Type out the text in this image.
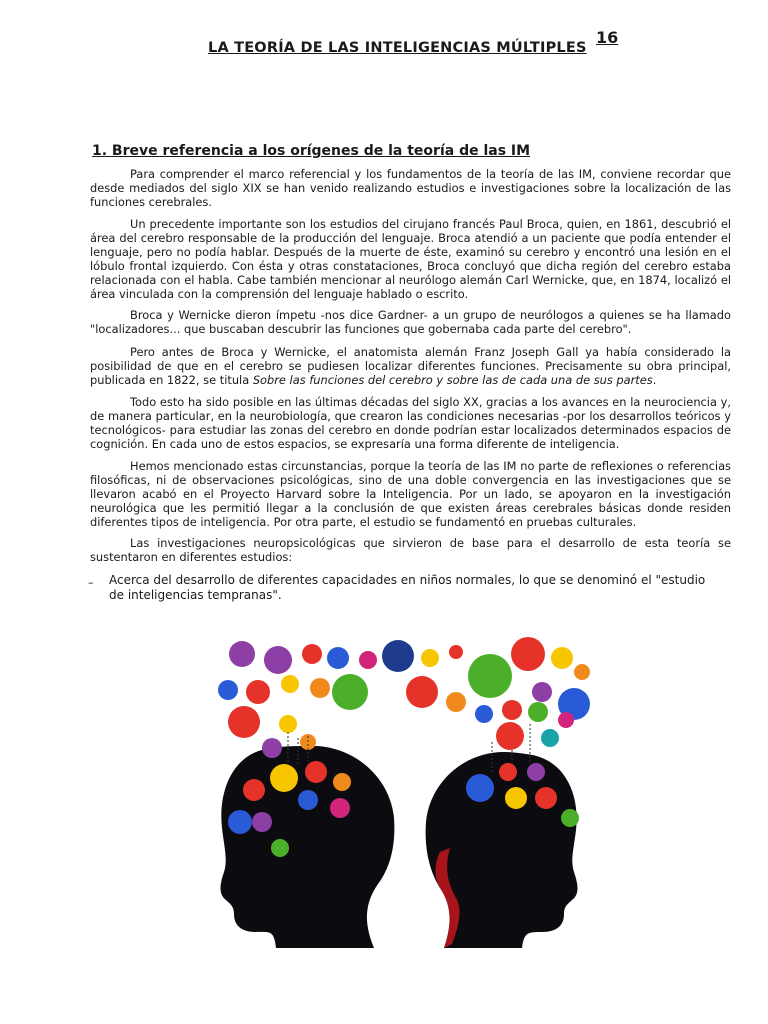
LA TEORÍA DE LAS INTELIGENCIAS MÚLTIPLES
16
1. Breve referencia a los orígenes de la teoría de las IM
Para comprender el marco referencial y los fundamentos de la teoría de las IM, conviene recordar que desde mediados del siglo XIX se han venido realizando estudios e investigaciones sobre la localización de las funciones cerebrales.
Un precedente importante son los estudios del cirujano francés Paul Broca, quien, en 1861, descubrió el área del cerebro responsable de la producción del lenguaje. Broca atendió a un paciente que podía entender el lenguaje, pero no podía hablar. Después de la muerte de éste, examinó su cerebro y encontró una lesión en el lóbulo frontal izquierdo. Con ésta y otras constataciones, Broca concluyó que dicha región del cerebro estaba relacionada con el habla. Cabe también mencionar al neurólogo alemán Carl Wernicke, que, en 1874, localizó el área vinculada con la comprensión del lenguaje hablado o escrito.
Broca y Wernicke dieron ímpetu -nos dice Gardner- a un grupo de neurólogos a quienes se ha llamado "localizadores... que buscaban descubrir las funciones que gobernaba cada parte del cerebro".
Pero antes de Broca y Wernicke, el anatomista alemán Franz Joseph Gall ya había considerado la posibilidad de que en el cerebro se pudiesen localizar diferentes funciones. Precisamente su obra principal, publicada en 1822, se titula Sobre las funciones del cerebro y sobre las de cada una de sus partes.
Todo esto ha sido posible en las últimas décadas del siglo XX, gracias a los avances en la neurociencia y, de manera particular, en la neurobiología, que crearon las condiciones necesarias -por los desarrollos teóricos y tecnológicos- para estudiar las zonas del cerebro en donde podrían estar localizados determinados espacios de cognición. En cada uno de estos espacios, se expresaría una forma diferente de inteligencia.
Hemos mencionado estas circunstancias, porque la teoría de las IM no parte de reflexiones o referencias filosóficas, ni de observaciones psicológicas, sino de una doble convergencia en las investigaciones que se llevaron acabó en el Proyecto Harvard sobre la Inteligencia. Por un lado, se apoyaron en la investigación neurológica que les permitió llegar a la conclusión de que existen áreas cerebrales básicas donde residen diferentes tipos de inteligencia. Por otra parte, el estudio se fundamentó en pruebas culturales.
Las investigaciones neuropsicológicas que sirvieron de base para el desarrollo de esta teoría se sustentaron en diferentes estudios:
– Acerca del desarrollo de diferentes capacidades en niños normales, lo que se denominó el "estudio de inteligencias tempranas".
